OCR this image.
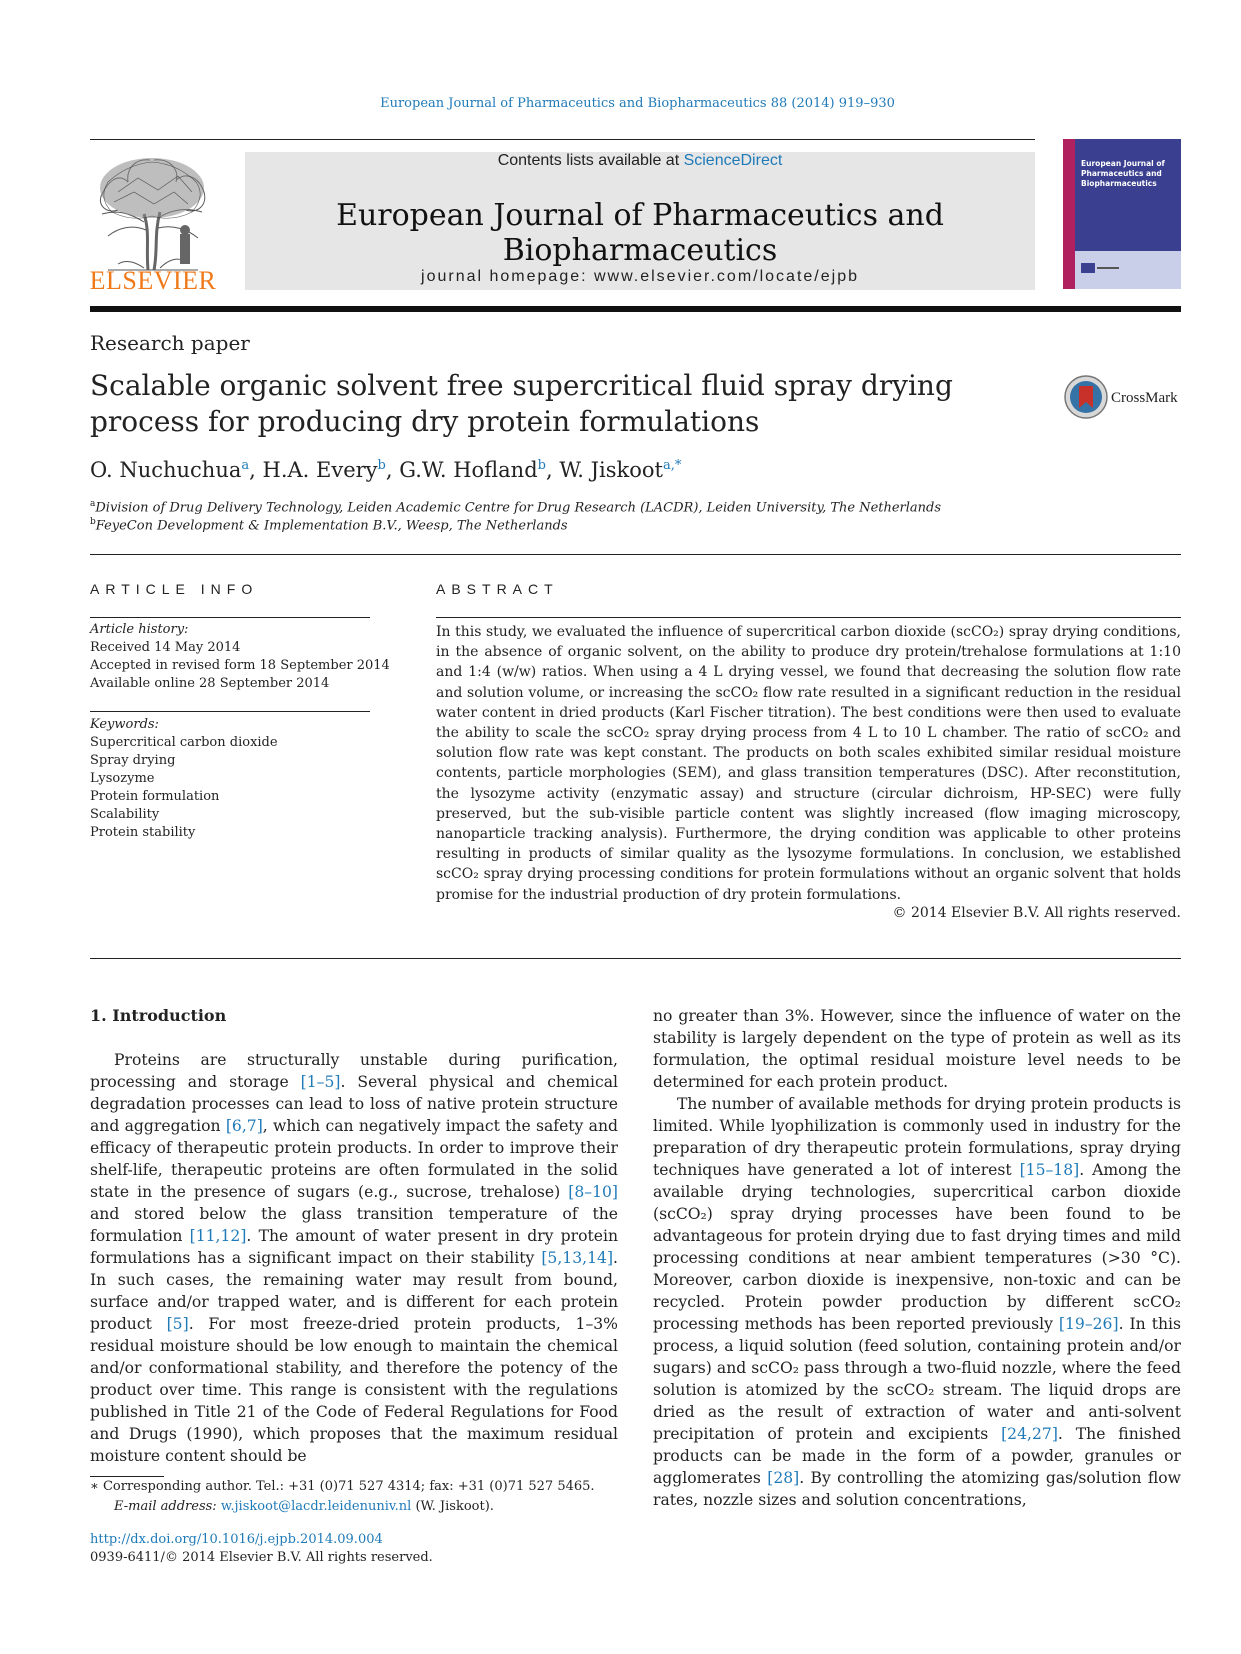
European Journal of Pharmaceutics and Biopharmaceutics 88 (2014) 919–930
ELSEVIER
Contents lists available at ScienceDirect
European Journal of Pharmaceutics and Biopharmaceutics
journal homepage: www.elsevier.com/locate/ejpb
European Journal of Pharmaceutics and Biopharmaceutics
Research paper
Scalable organic solvent free supercritical fluid spray drying process for producing dry protein formulations
CrossMark
O. Nuchuchua$^a$, H.A. Every$^b$, G.W. Hofland$^b$, W. Jiskoot$^{a,*}$
$^a$Division of Drug Delivery Technology, Leiden Academic Centre for Drug Research (LACDR), Leiden University, The Netherlands
$^b$FeyeCon Development & Implementation B.V., Weesp, The Netherlands
ARTICLE INFO
Article history:
Received 14 May 2014
Accepted in revised form 18 September 2014
Available online 28 September 2014
Keywords:
Supercritical carbon dioxide
Spray drying
Lysozyme
Protein formulation
Scalability
Protein stability
ABSTRACT

In this study, we evaluated the influence of supercritical carbon dioxide (scCO₂) spray drying conditions, in the absence of organic solvent, on the ability to produce dry protein/trehalose formulations at 1:10 and 1:4 (w/w) ratios. When using a 4 L drying vessel, we found that decreasing the solution flow rate and solution volume, or increasing the scCO₂ flow rate resulted in a significant reduction in the residual water content in dried products (Karl Fischer titration). The best conditions were then used to evaluate the ability to scale the scCO₂ spray drying process from 4 L to 10 L chamber. The ratio of scCO₂ and solution flow rate was kept constant. The products on both scales exhibited similar residual moisture contents, particle morphologies (SEM), and glass transition temperatures (DSC). After reconstitution, the lysozyme activity (enzymatic assay) and structure (circular dichroism, HP-SEC) were fully preserved, but the sub-visible particle content was slightly increased (flow imaging microscopy, nanoparticle tracking analysis). Furthermore, the drying condition was applicable to other proteins resulting in products of similar quality as the lysozyme formulations. In conclusion, we established scCO₂ spray drying processing conditions for protein formulations without an organic solvent that holds promise for the industrial production of dry protein formulations.

© 2014 Elsevier B.V. All rights reserved.
1. Introduction

Proteins are structurally unstable during purification, processing and storage [1–5]. Several physical and chemical degradation processes can lead to loss of native protein structure and aggregation [6,7], which can negatively impact the safety and efficacy of therapeutic protein products. In order to improve their shelf-life, therapeutic proteins are often formulated in the solid state in the presence of sugars (e.g., sucrose, trehalose) [8–10] and stored below the glass transition temperature of the formulation [11,12]. The amount of water present in dry protein formulations has a significant impact on their stability [5,13,14]. In such cases, the remaining water may result from bound, surface and/or trapped water, and is different for each protein product [5]. For most freeze-dried protein products, 1–3% residual moisture should be low enough to maintain the chemical and/or conformational stability, and therefore the potency of the product over time. This range is consistent with the regulations published in Title 21 of the Code of Federal Regulations for Food and Drugs (1990), which proposes that the maximum residual moisture content should be

no greater than 3%. However, since the influence of water on the stability is largely dependent on the type of protein as well as its formulation, the optimal residual moisture level needs to be determined for each protein product.

The number of available methods for drying protein products is limited. While lyophilization is commonly used in industry for the preparation of dry therapeutic protein formulations, spray drying techniques have generated a lot of interest [15–18]. Among the available drying technologies, supercritical carbon dioxide (scCO₂) spray drying processes have been found to be advantageous for protein drying due to fast drying times and mild processing conditions at near ambient temperatures (>30 °C). Moreover, carbon dioxide is inexpensive, non-toxic and can be recycled. Protein powder production by different scCO₂ processing methods has been reported previously [19–26]. In this process, a liquid solution (feed solution, containing protein and/or sugars) and scCO₂ pass through a two-fluid nozzle, where the feed solution is atomized by the scCO₂ stream. The liquid drops are dried as the result of extraction of water and anti-solvent precipitation of protein and excipients [24,27]. The finished products can be made in the form of a powder, granules or agglomerates [28]. By controlling the atomizing gas/solution flow rates, nozzle sizes and solution concentrations,

∗ Corresponding author. Tel.: +31 (0)71 527 4314; fax: +31 (0)71 527 5465.
E-mail address: w.jiskoot@lacdr.leidenuniv.nl (W. Jiskoot).
http://dx.doi.org/10.1016/j.ejpb.2014.09.004
0939-6411/© 2014 Elsevier B.V. All rights reserved.
